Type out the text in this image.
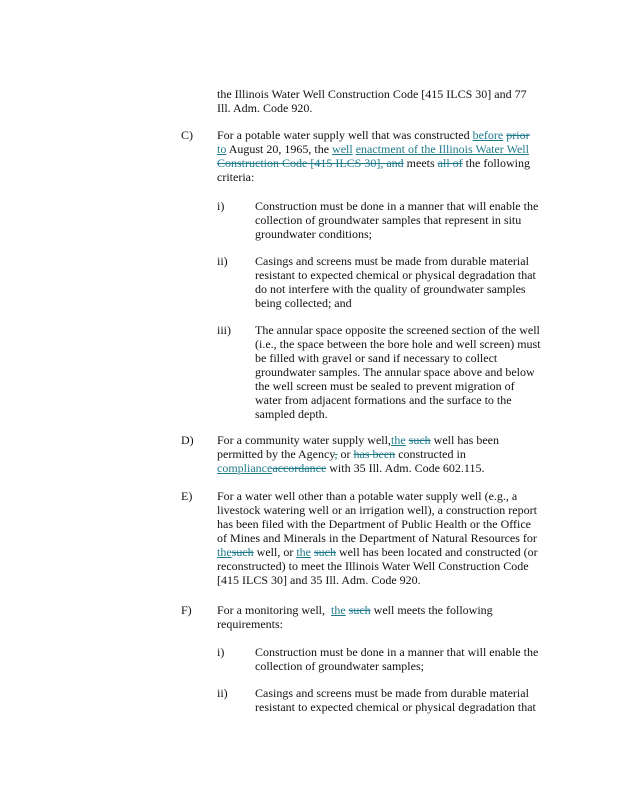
the Illinois Water Well Construction Code [415 ILCS 30] and 77
Ill. Adm. Code 920.
C) For a potable water supply well that was constructed before prior
to August 20, 1965, the well enactment of the Illinois Water Well
Construction Code [415 ILCS 30], and meets all of the following
criteria:
i)	Construction must be done in a manner that will enable the
collection of groundwater samples that represent in situ
groundwater conditions;
ii) Casings and screens must be made from durable material
resistant to expected chemical or physical degradation that
do not interfere with the quality of groundwater samples
being collected; and
iii) The annular space opposite the screened section of the well
(i.e., the space between the bore hole and well screen) must
be filled with gravel or sand if necessary to collect
groundwater samples. The annular space above and below
the well screen must be sealed to prevent migration of
water from adjacent formations and the surface to the
sampled depth.

D) For a community water supply well,the such well has been
permitted by the Agency, or has been constructed in
complianceaccordance with 35 Ill. Adm. Code 602.115.
E) For a water well other than a potable water supply well (e.g., a
livestock watering well or an irrigation well), a construction report
has been filed with the Department of Public Health or the Office
of Mines and Minerals in the Department of Natural Resources for
thesuch well, or the such well has been located and constructed (or
reconstructed) to meet the Illinois Water Well Construction Code
[415 ILCS 30] and 35 Ill. Adm. Code 920.
F) For a monitoring well, the such well meets the following
requirements:
i)	Construction must be done in a manner that will enable the
collection of groundwater samples;
ii) Casings and screens must be made from durable material
resistant to expected chemical or physical degradation that
